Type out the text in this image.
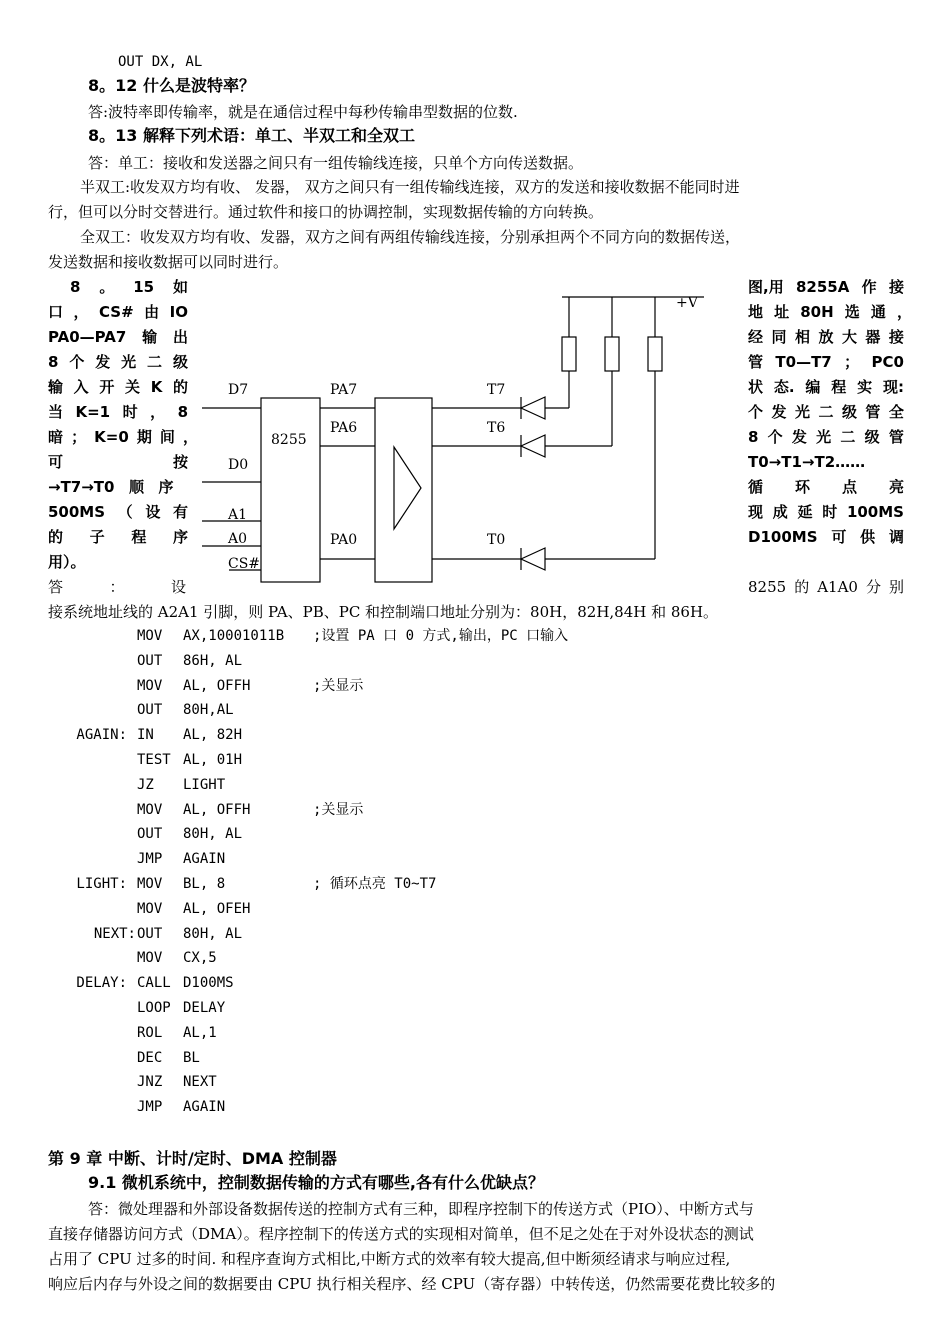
OUT DX, AL
8。12 什么是波特率？
答:波特率即传输率，就是在通信过程中每秒传输串型数据的位数.
8。13 解释下列术语：单工、半双工和全双工
答：单工：接收和发送器之间只有一组传输线连接，只单个方向传送数据。
半双工:收发双方均有收、 发器， 双方之间只有一组传输线连接，双方的发送和接收数据不能同时进
行，但可以分时交替进行。通过软件和接口的协调控制，实现数据传输的方向转换。
全双工：收发双方均有收、发器，双方之间有两组传输线连接，分别承担两个不同方向的数据传送，
发送数据和接收数据可以同时进行。
8 。 15 如
口 ， CS# 由 IO
PA0—PA7 输 出
8 个 发 光 二 级
输 入 开 关 K 的
当 K=1 时 ， 8
暗 ； K=0 期 间 ，
可	按
→T7→T0 顺 序
500MS （ 设 有
的 子 程 序
用）。
答	：	设
图,用 8255A 作 接
地 址 80H 选 通 ，
经 同 相 放 大 器 接
管 T0—T7 ； PC0
状 态. 编 程 实 现:
个 发 光 二 级 管 全
8 个 发 光 二 级 管
T0→T1→T2……
循 环 点 亮
现 成 延 时 100MS
D100MS 可 供 调
8255 的 A1A0 分 别
D7
D0
A1
A0
CS#
8255
PA7
PA6
PA0
T7
T6
T0
+V
接系统地址线的 A2A1 引脚，则 PA、PB、PC 和控制端口地址分别为：80H，82H,84H 和 86H。
MOV AX,10001011B ;设置 PA 口 0 方式,输出，PC 口输入
OUT 86H, AL
MOV AL, OFFH	;关显示
OUT 80H,AL
AGAIN: IN AL, 82H
TEST AL, 01H
JZ LIGHT
MOV AL, OFFH	;关显示
OUT 80H, AL
JMP AGAIN
LIGHT: MOV BL, 8	; 循环点亮 T0~T7
MOV AL, OFEH
NEXT: OUT 80H, AL
MOV CX,5
DELAY: CALL D100MS
LOOP DELAY
ROL AL,1
DEC BL
JNZ NEXT
JMP AGAIN
第 9 章 中断、计时/定时、DMA 控制器
9.1 微机系统中，控制数据传输的方式有哪些,各有什么优缺点？
答：微处理器和外部设备数据传送的控制方式有三种，即程序控制下的传送方式（PIO）、中断方式与
直接存储器访问方式（DMA）。程序控制下的传送方式的实现相对简单，但不足之处在于对外设状态的测试
占用了 CPU 过多的时间. 和程序查询方式相比,中断方式的效率有较大提高,但中断须经请求与响应过程,
响应后内存与外设之间的数据要由 CPU 执行相关程序、经 CPU（寄存器）中转传送，仍然需要花费比较多的
